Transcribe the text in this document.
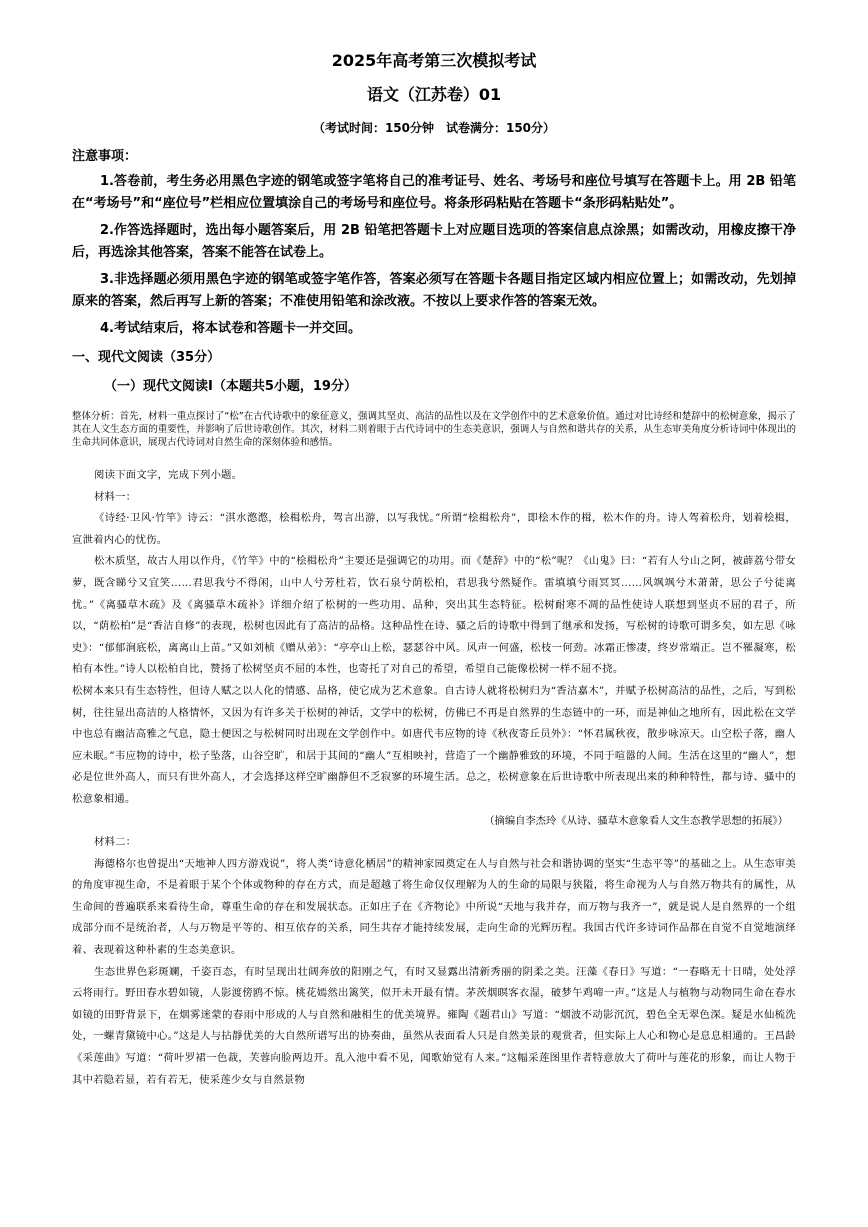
2025年高考第三次模拟考试

语文（江苏卷）01

（考试时间：150分钟　试卷满分：150分）

注意事项：

1.答卷前，考生务必用黑色字迹的钢笔或签字笔将自己的准考证号、姓名、考场号和座位号填写在答题卡上。用 2B 铅笔在“考场号”和“座位号”栏相应位置填涂自己的考场号和座位号。将条形码粘贴在答题卡“条形码粘贴处”。

2.作答选择题时，选出每小题答案后，用 2B 铅笔把答题卡上对应题目选项的答案信息点涂黑；如需改动，用橡皮擦干净后，再选涂其他答案，答案不能答在试卷上。

3.非选择题必须用黑色字迹的钢笔或签字笔作答，答案必须写在答题卡各题目指定区域内相应位置上；如需改动，先划掉原来的答案，然后再写上新的答案；不准使用铅笔和涂改液。不按以上要求作答的答案无效。

4.考试结束后，将本试卷和答题卡一并交回。

一、现代文阅读（35分）

（一）现代文阅读Ⅰ（本题共5小题，19分）

整体分析：首先，材料一重点探讨了“松”在古代诗歌中的象征意义，强调其坚贞、高洁的品性以及在文学创作中的艺术意象价值。通过对比诗经和楚辞中的松树意象，揭示了其在人文生态方面的重要性，并影响了后世诗歌创作。其次，材料二则着眼于古代诗词中的生态美意识，强调人与自然和谐共存的关系，从生态审美角度分析诗词中体现出的生命共同体意识，展现古代诗词对自然生命的深刻体验和感悟。

阅读下面文字，完成下列小题。

材料一：

《诗经·卫风·竹竿》诗云：“淇水滺滺，桧楫松舟，驾言出游，以写我忧。”所谓“桧楫松舟”，即桧木作的楫，松木作的舟。诗人驾着松舟，划着桧楫，宣泄着内心的忧伤。

松木质坚，故古人用以作舟，《竹竿》中的“桧楫松舟”主要还是强调它的功用。而《楚辞》中的“松”呢？《山鬼》曰：“若有人兮山之阿，被薜荔兮带女萝，既含睇兮又宜笑……君思我兮不得闲，山中人兮芳杜若，饮石泉兮荫松柏，君思我兮然疑作。雷填填兮雨冥冥……风飒飒兮木萧萧，思公子兮徒离忧。”《离骚草木疏》及《离骚草木疏补》详细介绍了松树的一些功用、品种，突出其生态特征。松树耐寒不凋的品性使诗人联想到坚贞不屈的君子，所以，“荫松柏”是“香洁自修”的表现，松树也因此有了高洁的品格。这种品性在诗、骚之后的诗歌中得到了继承和发扬，写松树的诗歌可谓多矣，如左思《咏史》：“郁郁涧底松，离离山上苗。”又如刘桢《赠从弟》：“亭亭山上松，瑟瑟谷中风。风声一何盛，松枝一何劲。冰霜正惨凄，终岁常端正。岂不罹凝寒，松柏有本性。”诗人以松柏自比，赞扬了松树坚贞不屈的本性，也寄托了对自己的希望，希望自己能像松树一样不屈不挠。

松树本来只有生态特性，但诗人赋之以人化的情感、品格，使它成为艺术意象。自古诗人就将松树归为“香洁嘉木”，并赋予松树高洁的品性，之后，写到松树，往往显出高洁的人格情怀，又因为有许多关于松树的神话，文学中的松树，仿佛已不再是自然界的生态链中的一环，而是神仙之地所有，因此松在文学中也总有幽洁高雅之气息，隐士便因之与松树同时出现在文学创作中。如唐代韦应物的诗《秋夜寄丘员外》：“怀君属秋夜，散步咏凉天。山空松子落，幽人应未眠。”韦应物的诗中，松子坠落，山谷空旷，和居于其间的“幽人”互相映衬，营造了一个幽静雅致的环境，不同于喧嚣的人间。生活在这里的“幽人”，想必是位世外高人，而只有世外高人，才会选择这样空旷幽静但不乏寂寥的环境生活。总之，松树意象在后世诗歌中所表现出来的种种特性，都与诗、骚中的松意象相通。

（摘编自李杰玲《从诗、骚草木意象看人文生态教学思想的拓展》）

材料二：

海德格尔也曾提出“天地神人四方游戏说”，将人类“诗意化栖居”的精神家园奠定在人与自然与社会和谐协调的坚实“生态平等”的基础之上。从生态审美的角度审视生命，不是着眼于某个个体或物种的存在方式，而是超越了将生命仅仅理解为人的生命的局限与狭隘，将生命视为人与自然万物共有的属性，从生命间的普遍联系来看待生命，尊重生命的存在和发展状态。正如庄子在《齐物论》中所说“天地与我并存，而万物与我齐一”，就是说人是自然界的一个组成部分而不是统治者，人与万物是平等的、相互依存的关系，同生共存才能持续发展，走向生命的光辉历程。我国古代许多诗词作品都在自觉不自觉地演绎着、表现着这种朴素的生态美意识。

生态世界色彩斑斓，千姿百态，有时呈现出壮阔奔放的阳刚之气，有时又显露出清新秀丽的阴柔之美。汪藻《春日》写道：“一春略无十日晴，处处浮云将雨行。野田春水碧如镜，人影渡傍鸥不惊。桃花嫣然出篱笑，似开未开最有情。茅茨烟暝客衣湿，破梦午鸡啼一声。”这是人与植物与动物同生命在春水如镜的田野背景下，在烟雾迷蒙的春雨中形成的人与自然和融相生的优美境界。雍陶《题君山》写道：“烟波不动影沉沉，碧色全无翠色深。疑是水仙梳洗处，一螺青黛镜中心。”这是人与拈靜优美的大自然所谱写出的协奏曲，虽然从表面看人只是自然美景的观赏者，但实际上人心和物心是息息相通的。王昌龄《采莲曲》写道：“荷叶罗裙一色裁，芙蓉向脸两边开。乱入池中看不见，闻歌始觉有人来。”这幅采莲图里作者特意放大了荷叶与莲花的形象，而让人物于其中若隐若显，若有若无，使采莲少女与自然景物
